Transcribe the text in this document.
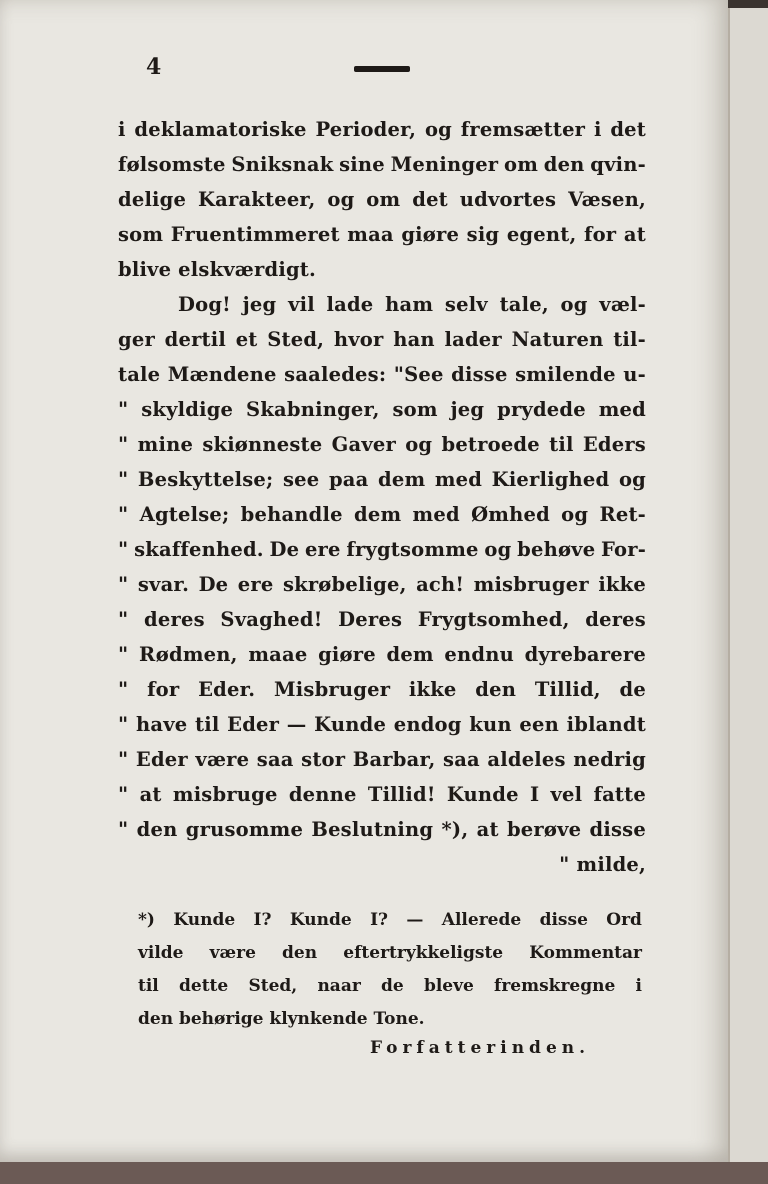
4
i deklamatoriske Perioder, og fremsætter i det
følsomste Sniksnak sine Meninger om den qvin-
delige Karakteer, og om det udvortes Væsen,
som Fruentimmeret maa giøre sig egent, for at
blive elskværdigt.
Dog! jeg vil lade ham selv tale, og væl-
ger dertil et Sted, hvor han lader Naturen til-
tale Mændene saaledes: "See disse smilende u-
" skyldige Skabninger, som jeg prydede med
" mine skiønneste Gaver og betroede til Eders
" Beskyttelse; see paa dem med Kierlighed og
" Agtelse; behandle dem med Ømhed og Ret-
" skaffenhed. De ere frygtsomme og behøve For-
" svar. De ere skrøbelige, ach! misbruger ikke
" deres Svaghed! Deres Frygtsomhed, deres
" Rødmen, maae giøre dem endnu dyrebarere
" for Eder. Misbruger ikke den Tillid, de
" have til Eder — Kunde endog kun een iblandt
" Eder være saa stor Barbar, saa aldeles nedrig
" at misbruge denne Tillid! Kunde I vel fatte
" den grusomme Beslutning *), at berøve disse
" milde,
*) Kunde I? Kunde I? — Allerede disse Ord
vilde være den eftertrykkeligste Kommentar
til dette Sted, naar de bleve fremskregne i
den behørige klynkende Tone.
Forfatterinden.
